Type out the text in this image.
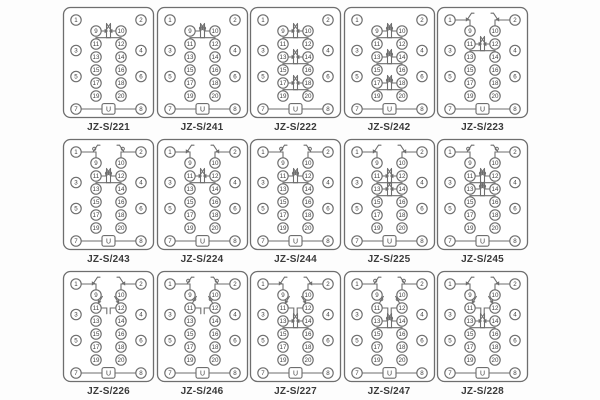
U
1	2
7	8
3
5
4
6
9
11
13
15
17
19
10
12
14
16
18
20
JZ-S/221
U
1	2
7	8
3
5
4
6
9
11
13
15
17
19
10
12
14
16
18
20
JZ-S/241
U
1	2
7	8
3
5
4
6
9
11
13
15
17
19
10
12
14
16
18
20
JZ-S/222
U
1	2
7	8
3
5
4
6
9
11
13
15
17
19
10
12
14
16
18
20
JZ-S/242
U
1	2
7	8
3
5
4
6
9
11
13
15
17
19
10
12
14
16
18
20
JZ-S/223
U
1	2
7	8
3
5
4
6
9
11
13
15
17
19
10
12
14
16
18
20
JZ-S/243
U
1	2
7	8
3
5
4
6
9
11
13
15
17
19
10
12
14
16
18
20
JZ-S/224
U
1	2
7	8
3
5
4
6
9
11
13
15
17
19
10
12
14
16
18
20
JZ-S/244
U
1	2
7	8
3
5
4
6
9
11
13
15
17
19
10
12
14
16
18
20
JZ-S/225
U
1	2
7	8
3
5
4
6
9
11
13
15
17
19
10
12
14
16
18
20
JZ-S/245
U
1	2
7	8
3
5
4
6
9
11
13
15
17
19
10
12
14
16
18
20
JZ-S/226
U
1	2
7	8
3
5
4
6
9
11
13
15
17
19
10
12
14
16
18
20
JZ-S/246
U
1	2
7	8
3
5
4
6
9
11
13
15
17
19
10
12
14
16
18
20
JZ-S/227
U
1	2
7	8
3
5
4
6
9
11
13
15
17
19
10
12
14
16
18
20
JZ-S/247
U
1	2
7	8
3
5
4
6
9
11
13
15
17
19
10
12
14
16
18
20
JZ-S/228
